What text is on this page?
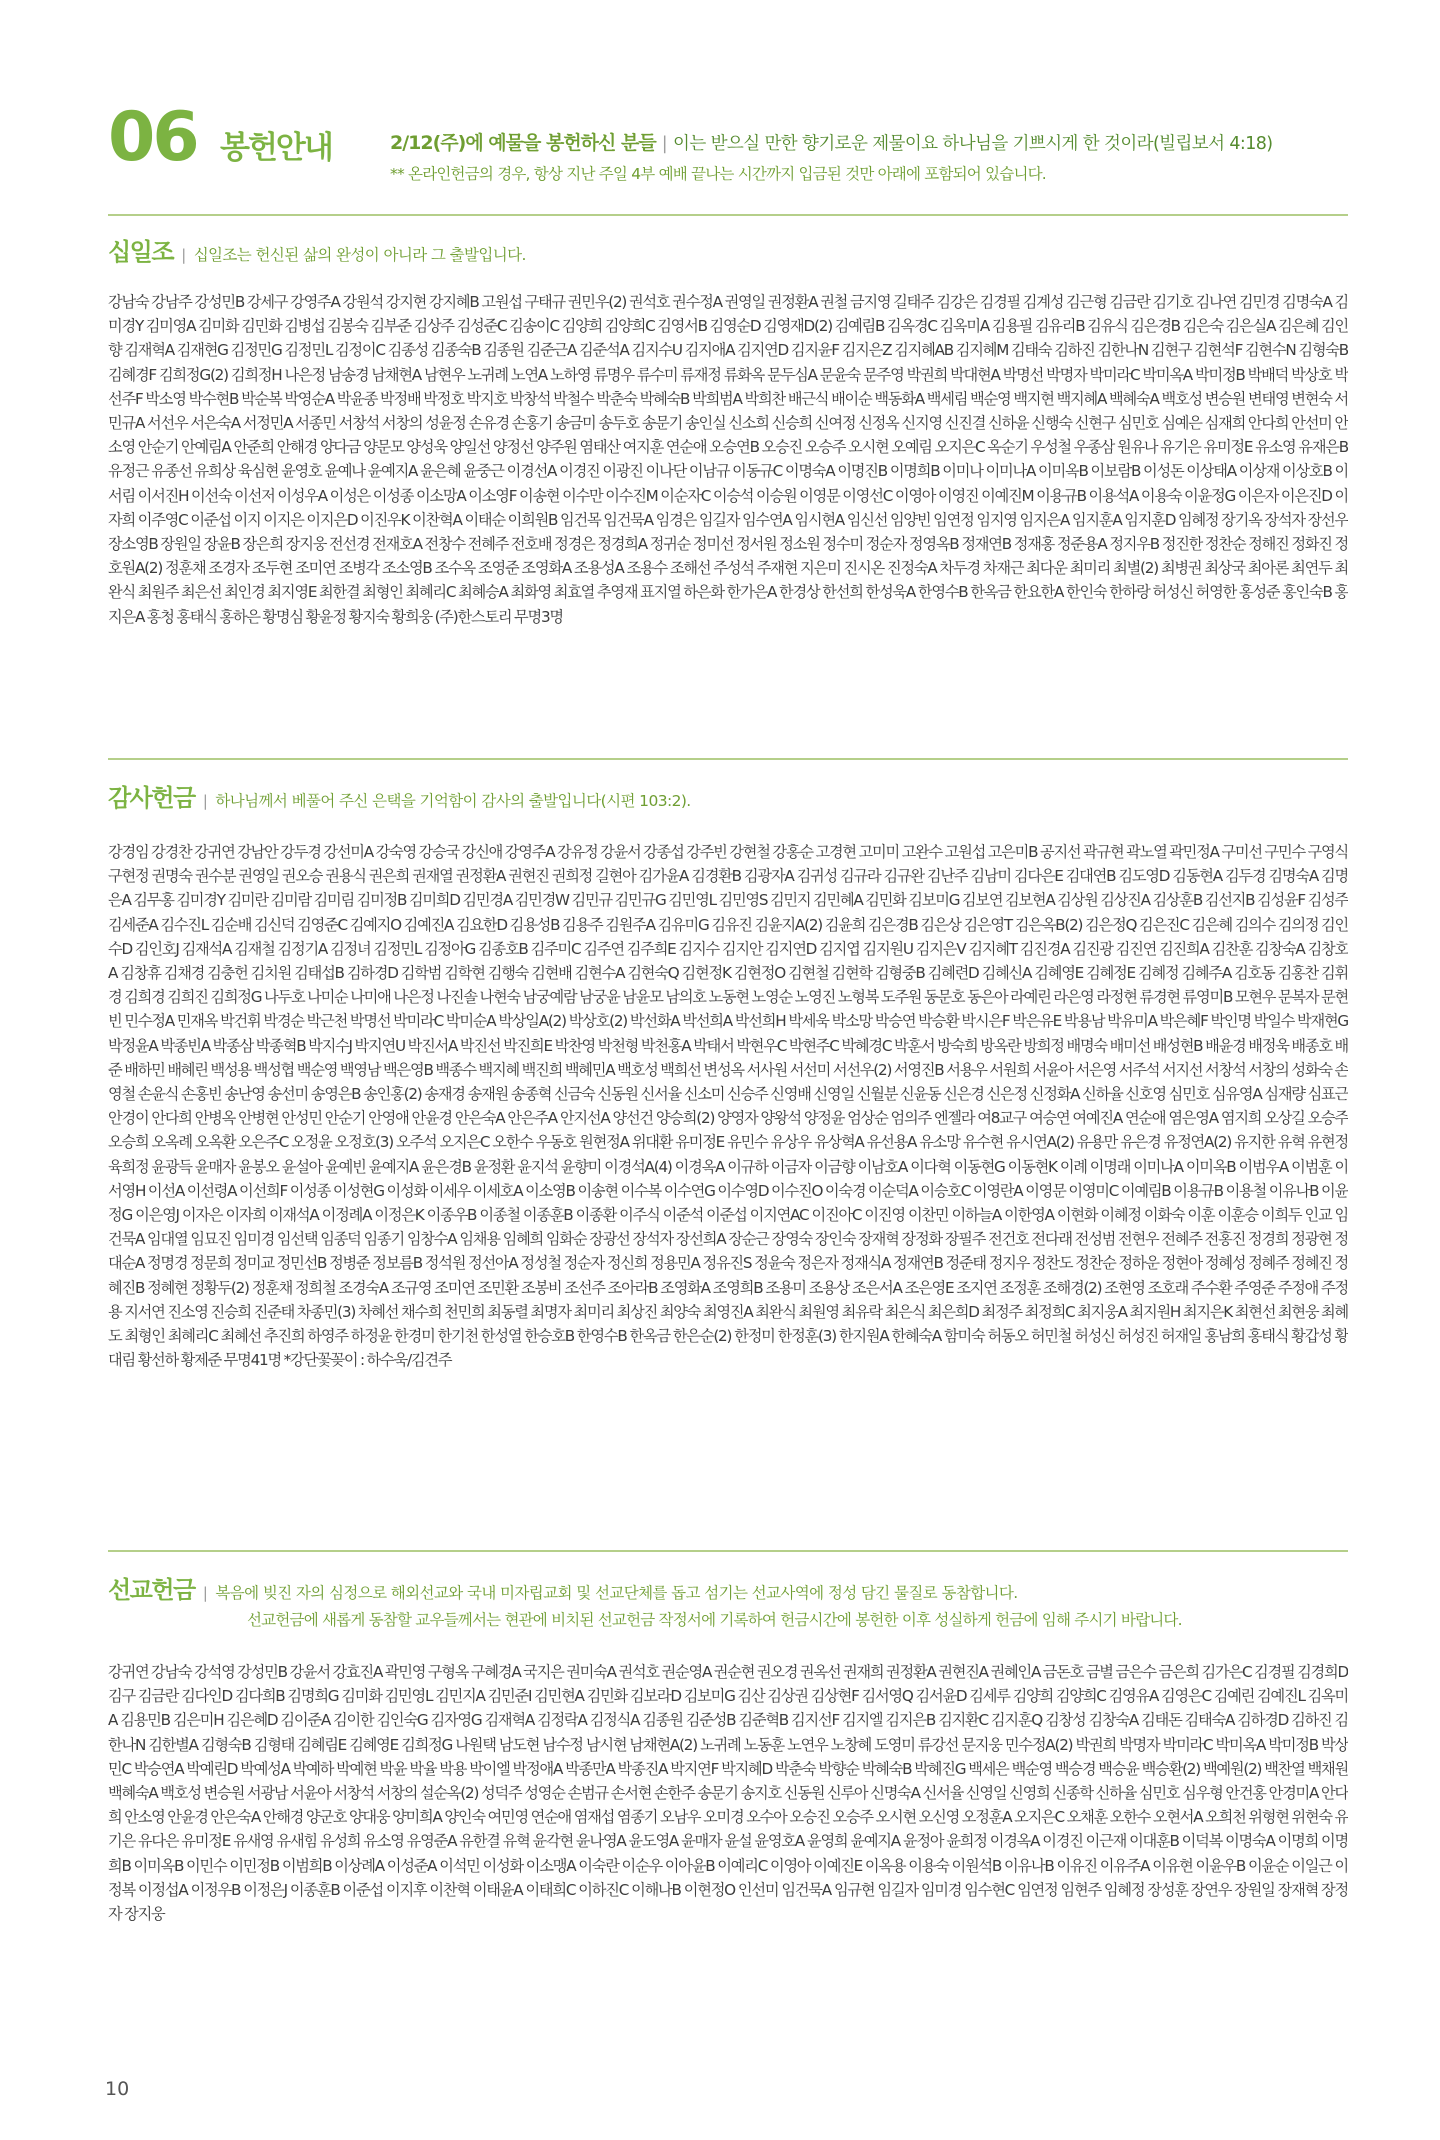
06 봉헌안내	2/12(주)에 예물을 봉헌하신 분들 | 이는 받으실 만한 향기로운 제물이요 하나님을 기쁘시게 한 것이라(빌립보서 4:18)
** 온라인헌금의 경우, 항상 지난 주일 4부 예배 끝나는 시간까지 입금된 것만 아래에 포함되어 있습니다.
십일조 | 십일조는 헌신된 삶의 완성이 아니라 그 출발입니다.
강남숙 강남주 강성민B 강세구 강영주A 강원석 강지현 강지혜B 고원섭 구태규 권민우(2) 권석호 권수정A 권영일 권정환A 권철 금지영 길태주 김강은 김경필 김계성 김근형 김금란 김기호 김나연 김민경 김명숙A 김미경Y 김미영A 김미화 김민화 김병섭 김봉숙 김부준 김상주 김성준C 김송이C 김양희 김양희C 김영서B 김영순D 김영재D(2) 김예림B 김옥경C 김옥미A 김용필 김유리B 김유식 김은경B 김은숙 김은실A 김은혜 김인향 김재혁A 김재현G 김정민G 김정민L 김정이C 김종성 김종숙B 김종원 김준근A 김준석A 김지수U 김지애A 김지연D 김지윤F 김지은Z 김지혜AB 김지혜M 김태숙 김하진 김한나N 김현구 김현석F 김현수N 김형숙B 김혜경F 김희정G(2) 김희정H 나은정 남송경 남채현A 남현우 노귀례 노연A 노하영 류명우 류수미 류재정 류화옥 문두심A 문윤숙 문주영 박권희 박대현A 박명선 박명자 박미라C 박미옥A 박미정B 박배덕 박상호 박선주F 박소영 박수현B 박순복 박영순A 박윤종 박정배 박정호 박지호 박창석 박철수 박춘숙 박혜숙B 박희범A 박희찬 배근식 배이순 백동화A 백세림 백순영 백지현 백지혜A 백혜숙A 백호성 변승원 변태영 변현숙 서민규A 서선우 서은숙A 서정민A 서종민 서창석 서창의 성윤정 손유경 손홍기 송금미 송두호 송문기 송인실 신소희 신승희 신여정 신정옥 신지영 신진결 신하윤 신행숙 신현구 심민호 심예은 심재희 안다희 안선미 안소영 안순기 안예림A 안준희 안해경 양다금 양문모 양성욱 양일선 양정선 양주원 염태산 여지훈 연순애 오승연B 오승진 오승주 오시현 오예림 오지은C 옥순기 우성철 우종삼 원유나 유기은 유미정E 유소영 유재은B 유정근 유종선 유희상 육심현 윤영호 윤예나 윤예지A 윤은혜 윤중근 이경선A 이경진 이광진 이나단 이남규 이동규C 이명숙A 이명진B 이명희B 이미나 이미나A 이미옥B 이보람B 이성돈 이상태A 이상재 이상호B 이서림 이서진H 이선숙 이선저 이성우A 이성은 이성종 이소망A 이소영F 이송현 이수만 이수진M 이순자C 이승석 이승원 이영문 이영선C 이영아 이영진 이예진M 이용규B 이용석A 이용숙 이윤정G 이은자 이은진D 이자희 이주영C 이준섭 이지 이지은 이지은D 이진우K 이찬혁A 이태순 이희원B 임건목 임건묵A 임경은 임길자 임수연A 임시현A 임신선 임양빈 임연정 임지영 임지은A 임지훈A 임지훈D 임혜정 장기옥 장석자 장선우 장소영B 장원일 장윤B 장은희 장지웅 전선경 전재호A 전창수 전혜주 전호배 정경은 정경희A 정귀순 정미선 정서원 정소원 정수미 정순자 정영옥B 정재연B 정재홍 정준용A 정지우B 정진한 정찬순 정해진 정화진 정호원A(2) 정훈채 조경자 조두현 조미연 조병각 조소영B 조수옥 조영준 조영화A 조용성A 조용수 조해선 주성석 주재현 지은미 진시온 진정숙A 차두경 차재근 최다운 최미리 최별(2) 최병권 최상국 최아론 최연두 최완식 최원주 최은선 최인경 최지영E 최한결 최형인 최혜리C 최혜승A 최화영 최효열 추영재 표지열 하은화 한가은A 한경상 한선희 한성욱A 한영수B 한옥금 한요한A 한인숙 한하랑 허성신 허영한 홍성준 홍인숙B 홍지은A 홍청 홍태식 홍하은 황명심 황윤정 황지숙 황희웅 (주)한스토리 무명3명
감사헌금 | 하나님께서 베풀어 주신 은택을 기억함이 감사의 출발입니다(시편 103:2).
강경임 강경찬 강귀연 강남안 강두경 강선미A 강숙영 강승국 강신애 강영주A 강유정 강윤서 강종섭 강주빈 강현철 강홍순 고경현 고미미 고완수 고원섭 고은미B 공지선 곽규현 곽노열 곽민정A 구미선 구민수 구영식 구현정 권명숙 권수분 권영일 권오승 권용식 권은희 권재열 권정환A 권현진 권희정 길현아 김가윤A 김경환B 김광자A 김귀성 김규라 김규완 김난주 김남미 김다은E 김대연B 김도영D 김동현A 김두경 김명숙A 김명은A 김무홍 김미경Y 김미란 김미람 김미림 김미정B 김미희D 김민경A 김민경W 김민규 김민규G 김민영L 김민영S 김민지 김민혜A 김민화 김보미G 김보연 김보현A 김상원 김상진A 김상훈B 김선지B 김성윤F 김성주 김세준A 김수진L 김순배 김신덕 김영준C 김예지O 김예진A 김요한D 김용성B 김용주 김원주A 김유미G 김유진 김윤지A(2) 김윤희 김은경B 김은상 김은영T 김은옥B(2) 김은정Q 김은진C 김은혜 김의수 김의정 김인수D 김인호J 김재석A 김재철 김정기A 김정녀 김정민L 김정아G 김종호B 김주미C 김주연 김주희E 김지수 김지안 김지연D 김지엽 김지원U 김지은V 김지혜T 김진경A 김진광 김진연 김진희A 김찬훈 김창숙A 김창호A 김창휴 김채경 김충헌 김치원 김태섭B 김하경D 김학범 김학현 김행숙 김현배 김현수A 김현숙Q 김현정K 김현정O 김현철 김현학 김형중B 김혜련D 김혜신A 김혜영E 김혜정E 김혜정 김혜주A 김호동 김홍찬 김휘경 김희경 김희진 김희정G 나두호 나미순 나미애 나은정 나진솔 나현숙 남궁예람 남궁윤 남윤모 남의호 노동현 노영순 노영진 노형복 도주원 동문호 동은아 라예린 라은영 라정현 류경현 류영미B 모현우 문복자 문현빈 민수정A 민재옥 박건휘 박경순 박근천 박명선 박미라C 박미순A 박상일A(2) 박상호(2) 박선화A 박선희A 박선희H 박세욱 박소망 박승연 박승환 박시은F 박은유E 박용남 박유미A 박은혜F 박인명 박일수 박재현G 박정윤A 박종빈A 박종삼 박종혁B 박지수J 박지연U 박진서A 박진선 박진희E 박찬영 박천형 박천홍A 박태서 박현우C 박현주C 박혜경C 박훈서 방숙희 방옥란 방희정 배명숙 배미선 배성현B 배윤경 배정욱 배종호 배준 배하민 배혜린 백성용 백성협 백순영 백영남 백은영B 백종수 백지혜 백진희 백혜민A 백호성 백희선 변성옥 서사원 서선미 서선우(2) 서영진B 서용우 서원희 서윤아 서은영 서주석 서지선 서창석 서창의 성화숙 손영철 손윤식 손홍빈 송난영 송선미 송영은B 송인홍(2) 송재경 송재원 송종혁 신금숙 신동원 신서율 신소미 신승주 신영배 신영일 신월분 신윤동 신은경 신은정 신정화A 신하율 신호영 심민호 심유영A 심재량 심표근 안경이 안다희 안병옥 안병현 안성민 안순기 안영애 안윤경 안은숙A 안은주A 안지선A 양선건 양승희(2) 양영자 양왕석 양정윤 엄상순 엄의주 엔젤라 여8교구 여승연 여예진A 연순애 염은영A 염지희 오상길 오승주 오승희 오옥례 오옥환 오은주C 오정윤 오정호(3) 오주석 오지은C 오한수 우동호 원현정A 위대환 유미정E 유민수 유상우 유상혁A 유선용A 유소망 유수현 유시연A(2) 유용만 유은경 유정연A(2) 유지한 유혁 유현정 육희정 윤광득 윤매자 윤봉오 윤설아 윤예빈 윤예지A 윤은경B 윤정환 윤지석 윤향미 이경석A(4) 이경옥A 이규하 이금자 이금향 이남호A 이다혁 이동현G 이동현K 이례 이명래 이미나A 이미옥B 이범우A 이범훈 이서영H 이선A 이선령A 이선희F 이성종 이성현G 이성화 이세우 이세호A 이소영B 이송현 이수복 이수연G 이수영D 이수진O 이숙경 이순덕A 이승호C 이영란A 이영문 이영미C 이예림B 이용규B 이용철 이유나B 이윤정G 이은영J 이자은 이자희 이재석A 이정례A 이정은K 이종우B 이종철 이종훈B 이종환 이주식 이준석 이준섭 이지연AC 이진아C 이진영 이찬민 이하늘A 이한영A 이현화 이혜정 이화숙 이훈 이훈승 이희두 인교 임건묵A 임대열 임묘진 임미경 임선택 임종덕 임종기 임창수A 임채용 임혜희 임화순 장광선 장석자 장선희A 장순근 장영숙 장인숙 장재혁 장정화 장필주 전건호 전다래 전성범 전현우 전혜주 전홍진 정경희 정광현 정대순A 정명경 정문희 정미교 정민선B 정병준 정보름B 정석원 정선아A 정성철 정순자 정신희 정용민A 정유진S 정윤숙 정은자 정재식A 정재연B 정준태 정지우 정찬도 정찬순 정하운 정현아 정혜성 정혜주 정혜진 정혜진B 정혜현 정황두(2) 정훈채 정희철 조경숙A 조규영 조미연 조민환 조봉비 조선주 조아라B 조영화A 조영희B 조용미 조용상 조은서A 조은영E 조지연 조정훈 조해경(2) 조현영 조호래 주수환 주영준 주정애 주정용 지서연 진소영 진승희 진준태 차종민(3) 차혜선 채수희 천민희 최동렬 최명자 최미리 최상진 최양숙 최영진A 최완식 최원영 최유락 최은식 최은희D 최정주 최정희C 최지웅A 최지원H 최지은K 최현선 최현웅 최혜도 최형인 최혜리C 최혜선 추진희 하영주 하정윤 한경미 한기천 한성열 한승호B 한영수B 한옥금 한은순(2) 한정미 한정훈(3) 한지원A 한혜숙A 함미숙 허동오 허민철 허성신 허성진 허재일 홍남희 홍태식 황갑성 황대림 황선하 황제준 무명41명 *강단꽃꽂이 : 하수욱/김견주
선교헌금 | 복음에 빚진 자의 심정으로 해외선교와 국내 미자립교회 및 선교단체를 돕고 섬기는 선교사역에 정성 담긴 물질로 동참합니다.
선교헌금에 새롭게 동참할 교우들께서는 현관에 비치된 선교헌금 작정서에 기록하여 헌금시간에 봉헌한 이후 성실하게 헌금에 임해 주시기 바랍니다.
강귀연 강남숙 강석영 강성민B 강윤서 강효진A 곽민영 구형옥 구혜경A 국지은 권미숙A 권석호 권순영A 권순현 권오경 권옥선 권재희 권정환A 권현진A 권혜인A 금돈호 금별 금은수 금은희 김가은C 김경필 김경희D 김구 김금란 김다인D 김다희B 김명희G 김미화 김민영L 김민지A 김민준I 김민현A 김민화 김보라D 김보미G 김산 김상권 김상현F 김서영Q 김서윤D 김세루 김양희 김양희C 김영유A 김영은C 김예린 김예진L 김옥미A 김용민B 김은미H 김은혜D 김이준A 김이한 김인숙G 김자영G 김재혁A 김정락A 김정식A 김종원 김준성B 김준혁B 김지선F 김지엘 김지은B 김지환C 김지훈Q 김창성 김창숙A 김태돈 김태숙A 김하경D 김하진 김한나N 김한별A 김형숙B 김형태 김혜림E 김혜영E 김희정G 나원택 남도현 남수정 남시현 남채현A(2) 노귀례 노동훈 노연우 노창혜 도영미 류강선 문지웅 민수정A(2) 박권희 박명자 박미라C 박미옥A 박미정B 박상민C 박승연A 박예린D 박예성A 박예하 박예현 박윤 박율 박용 박이엘 박정애A 박종만A 박종진A 박지연F 박지혜D 박춘숙 박향순 박혜숙B 박혜진G 백세은 백순영 백승경 백승윤 백승환(2) 백예원(2) 백찬열 백채원 백혜숙A 백호성 변승원 서광남 서윤아 서창석 서창의 설순옥(2) 성덕주 성영순 손범규 손서현 손한주 송문기 송지호 신동원 신루아 신명숙A 신서율 신영일 신영희 신종학 신하율 심민호 심우형 안건홍 안경미A 안다희 안소영 안윤경 안은숙A 안해경 양군호 양대웅 양미희A 양인숙 여민영 연순애 염재섭 염종기 오남우 오미경 오수아 오승진 오승주 오시현 오신영 오정훈A 오지은C 오채훈 오한수 오현서A 오희천 위형현 위현숙 유기은 유다은 유미정E 유새영 유새힘 유성희 유소영 유영준A 유한결 유혁 윤각현 윤나영A 윤도영A 윤매자 윤설 윤영호A 윤영희 윤예지A 윤정아 윤희정 이경옥A 이경진 이근재 이대훈B 이덕복 이명숙A 이명희 이명희B 이미옥B 이민수 이민정B 이범희B 이상례A 이성준A 이석민 이성화 이소맹A 이숙란 이순우 이아윤B 이예리C 이영아 이예진E 이옥용 이용숙 이원석B 이유나B 이유진 이유주A 이유현 이윤우B 이윤순 이일근 이정복 이정섭A 이정우B 이정은J 이종훈B 이준섭 이지후 이찬혁 이태윤A 이태희C 이하진C 이해나B 이현정O 인선미 임건묵A 임규현 임길자 임미경 임수현C 임연정 임현주 임혜정 장성훈 장연우 장원일 장재혁 장정자 장지웅
10
